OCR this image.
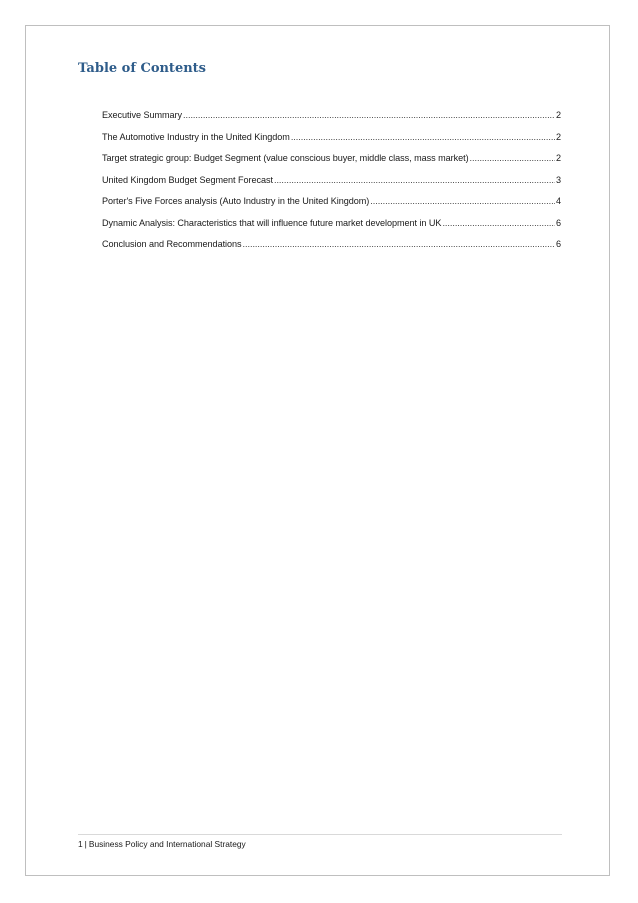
Table of Contents
Executive Summary .....	2
The Automotive Industry in the United Kingdom .....	2
Target strategic group: Budget Segment (value conscious buyer, middle class, mass market) .....	2
United Kingdom Budget Segment Forecast .....	3
Porter's Five Forces analysis (Auto Industry in the United Kingdom) .....	4
Dynamic Analysis: Characteristics that will influence future market development in UK .....	6
Conclusion and Recommendations .....	6
1 | Business Policy and International Strategy
